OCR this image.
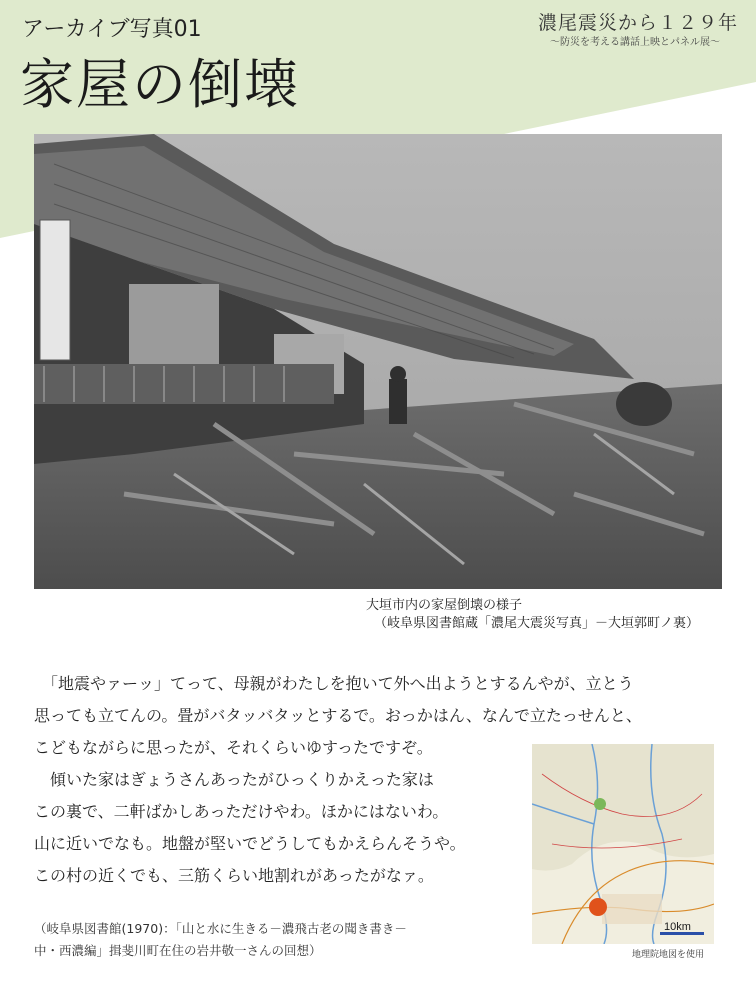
アーカイブ写真01
家屋の倒壊
濃尾震災から１２９年
〜防災を考える講話上映とパネル展〜
大垣市内の家屋倒壊の様子
（岐阜県図書館蔵「濃尾大震災写真」－大垣郭町ノ裏）
　「地震やァーッ」てって、母親がわたしを抱いて外へ出ようとするんやが、立とう
思っても立てんの。畳がバタッバタッとするで。おっかはん、なんで立たっせんと、
こどもながらに思ったが、それくらいゆすったですぞ。
　傾いた家はぎょうさんあったがひっくりかえった家は
この裏で、二軒ばかしあっただけやわ。ほかにはないわ。
山に近いでなも。地盤が堅いでどうしてもかえらんそうや。
この村の近くでも、三筋くらい地割れがあったがなァ。
10km
地理院地図を使用
（岐阜県図書館(1970)：「山と水に生きる－濃飛古老の聞き書き－
中・西濃編」揖斐川町在住の岩井敬一さんの回想）
